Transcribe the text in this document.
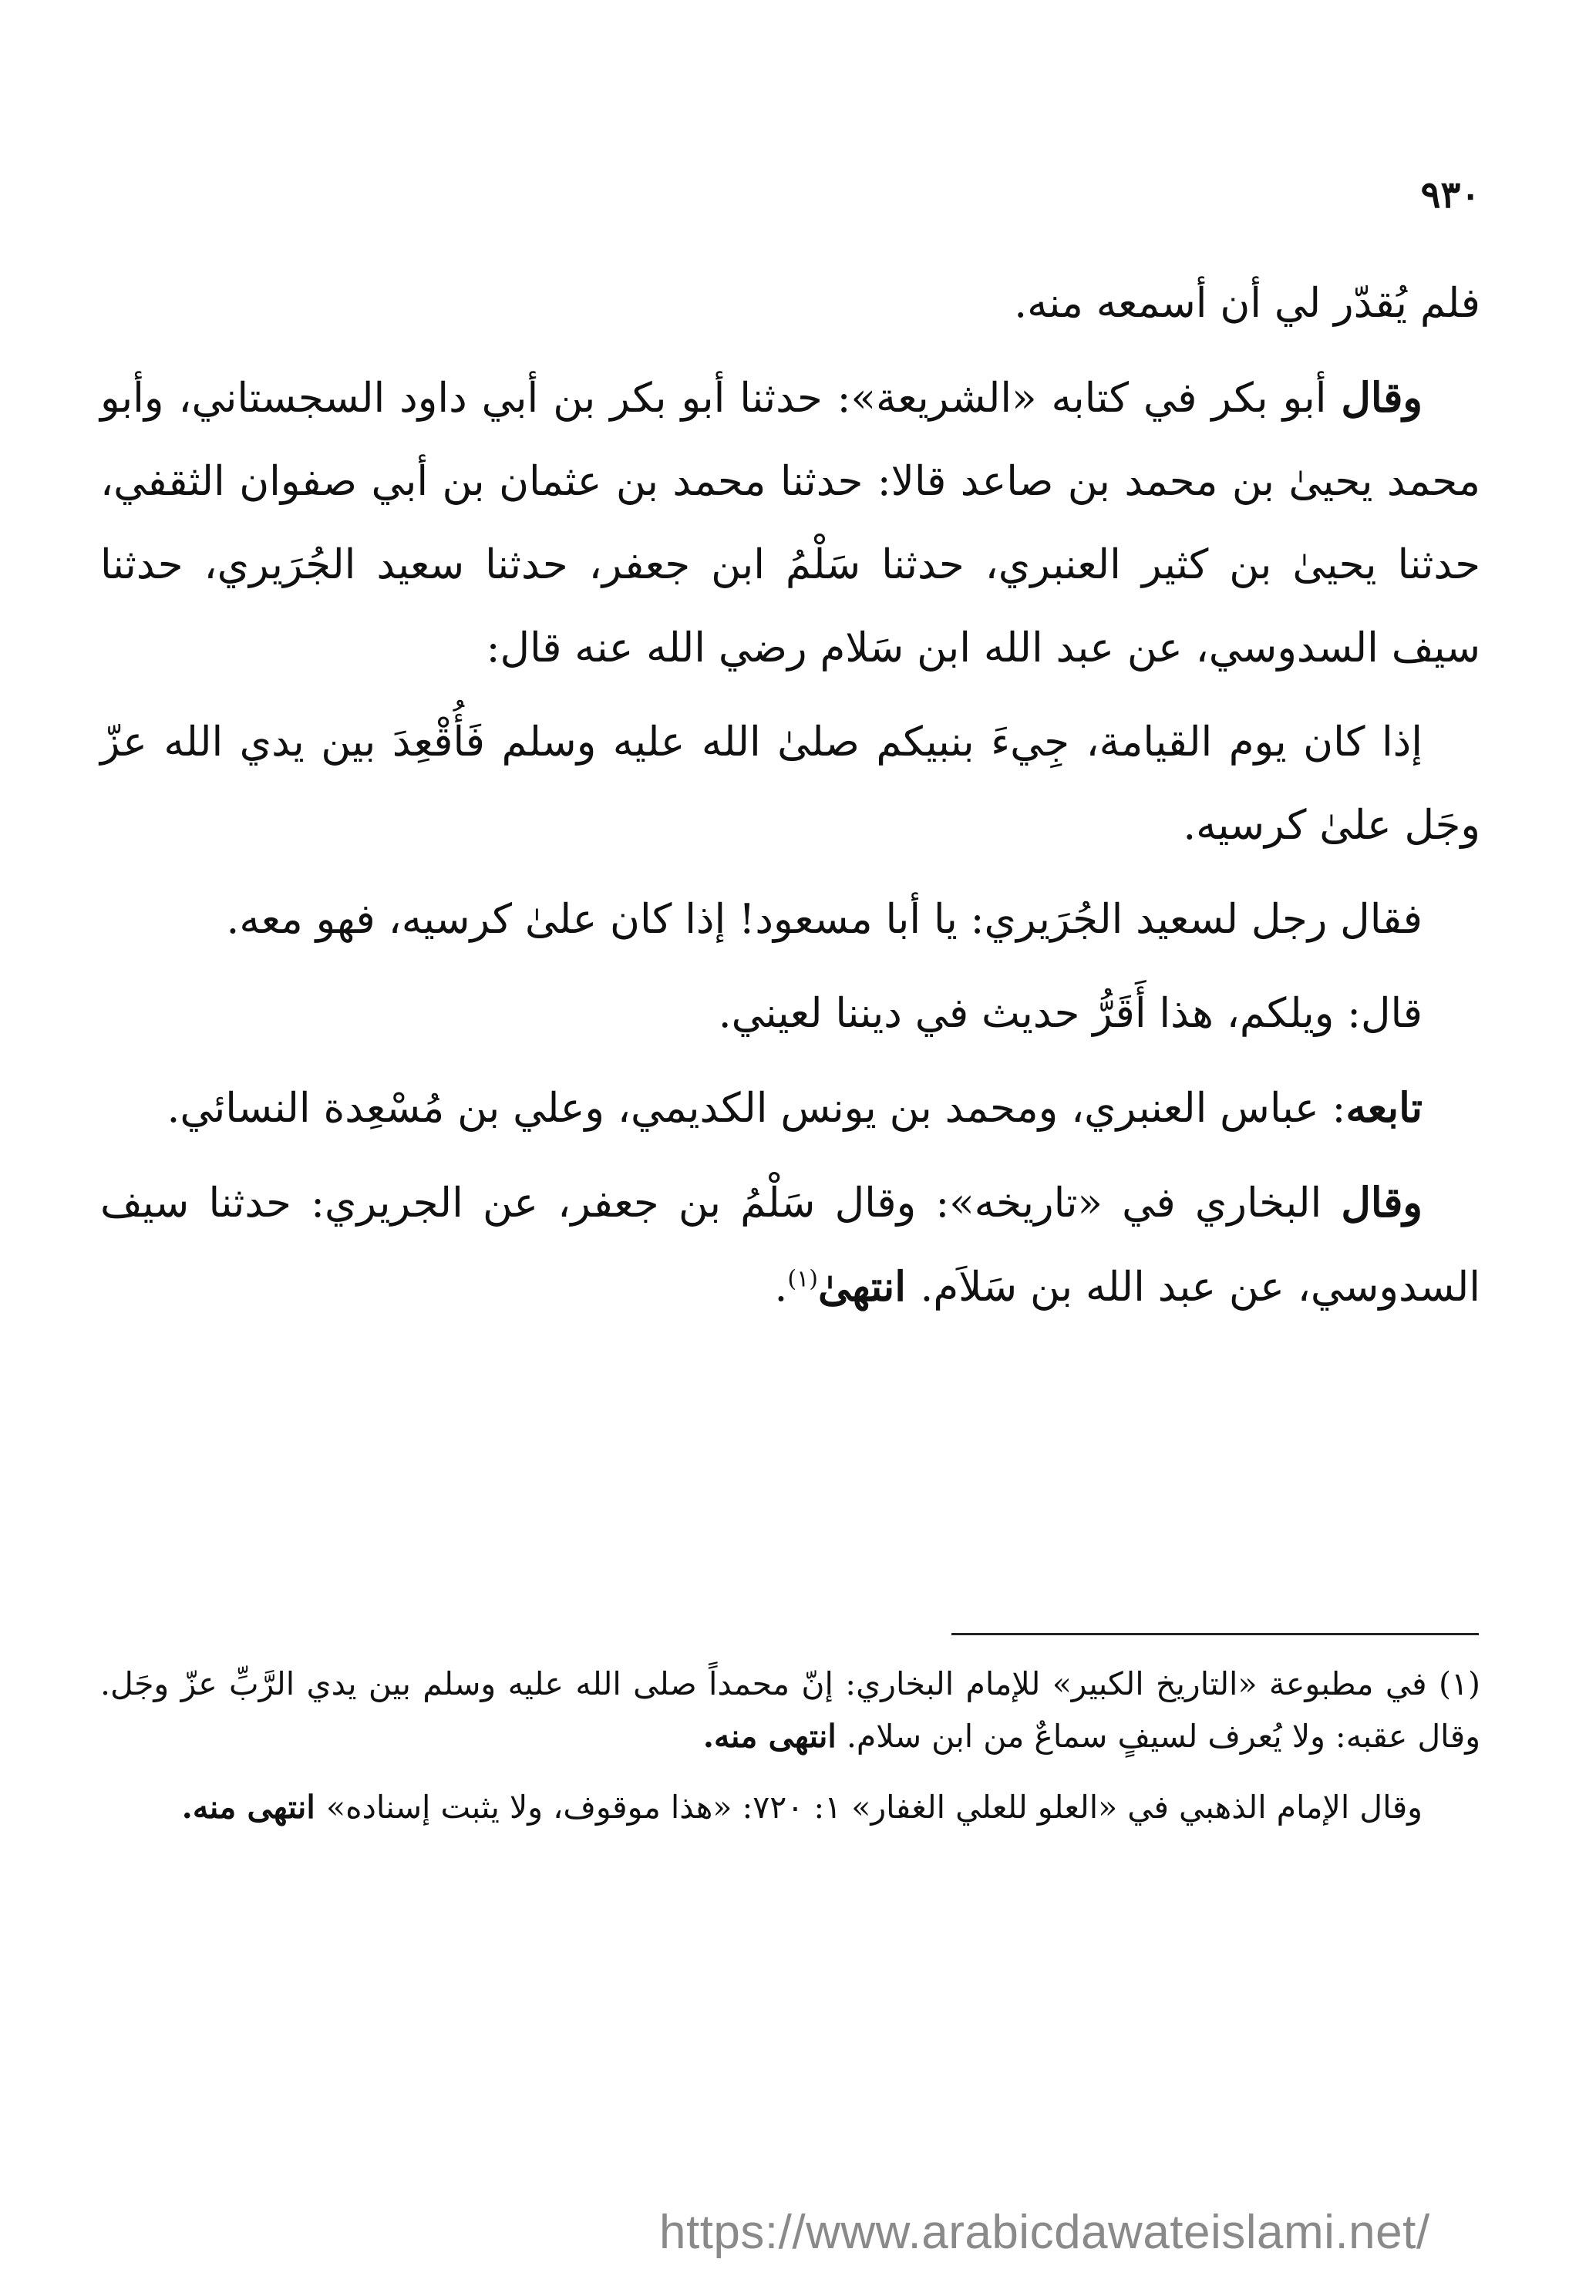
٩٣٠

فلم يُقدّر لي أن أسمعه منه.

وقال أبو بكر في كتابه «الشريعة»: حدثنا أبو بكر بن أبي داود السجستاني، وأبو محمد يحيىٰ بن محمد بن صاعد قالا: حدثنا محمد بن عثمان بن أبي صفوان الثقفي، حدثنا يحيىٰ بن كثير العنبري، حدثنا سَلْمُ ابن جعفر، حدثنا سعيد الجُرَيري، حدثنا سيف السدوسي، عن عبد الله ابن سَلام رضي الله عنه قال:

إذا كان يوم القيامة، جِيءَ بنبيكم صلىٰ الله عليه وسلم فَأُقْعِدَ بين يدي الله عزّ وجَل علىٰ كرسيه.

فقال رجل لسعيد الجُرَيري: يا أبا مسعود! إذا كان علىٰ كرسيه، فهو معه.

قال: ويلكم، هذا أَقَرُّ حديث في ديننا لعيني.

تابعه: عباس العنبري، ومحمد بن يونس الكديمي، وعلي بن مُسْعِدة النسائي.

وقال البخاري في «تاريخه»: وقال سَلْمُ بن جعفر، عن الجريري: حدثنا سيف السدوسي، عن عبد الله بن سَلاَم. انتهىٰ$^{(١)}$.

(١) في مطبوعة «التاريخ الكبير» للإمام البخاري: إنّ محمداً صلى الله عليه وسلم بين يدي الرَّبِّ عزّ وجَل. وقال عقبه: ولا يُعرف لسيفٍ سماعٌ من ابن سلام. انتهى منه.

وقال الإمام الذهبي في «العلو للعلي الغفار» ١: ٧٢٠: «هذا موقوف، ولا يثبت إسناده» انتهى منه.

https://www.arabicdawateislami.net/
